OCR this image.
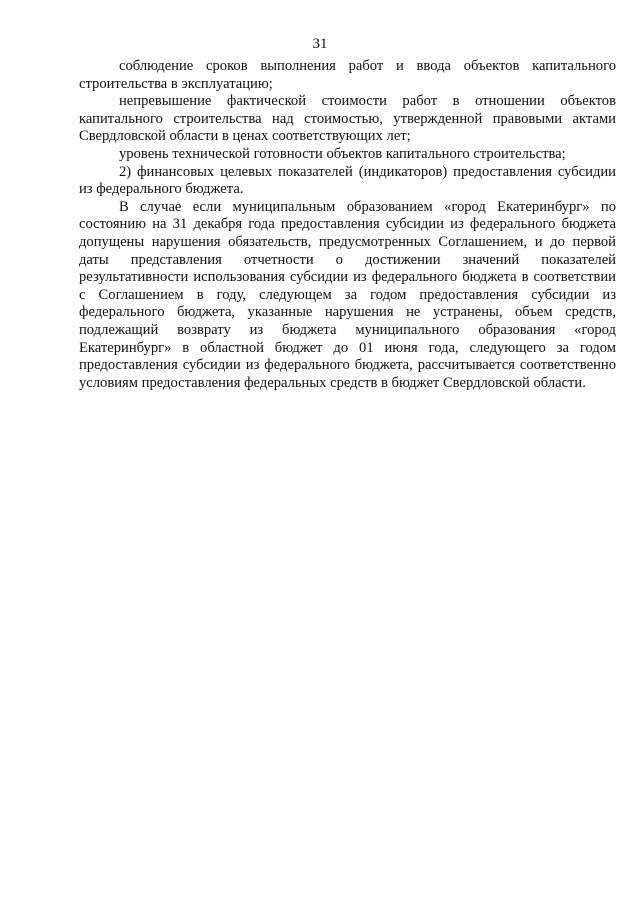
31

соблюдение сроков выполнения работ и ввода объектов капитального строительства в эксплуатацию;

непревышение фактической стоимости работ в отношении объектов капитального строительства над стоимостью, утвержденной правовыми актами Свердловской области в ценах соответствующих лет;

уровень технической готовности объектов капитального строительства;

2) финансовых целевых показателей (индикаторов) предоставления субсидии из федерального бюджета.

В случае если муниципальным образованием «город Екатеринбург» по состоянию на 31 декабря года предоставления субсидии из федерального бюджета допущены нарушения обязательств, предусмотренных Соглашением, и до первой даты представления отчетности о достижении значений показателей результативности использования субсидии из федерального бюджета в соответствии с Соглашением в году, следующем за годом предоставления субсидии из федерального бюджета, указанные нарушения не устранены, объем средств, подлежащий возврату из бюджета муниципального образования «город Екатеринбург» в областной бюджет до 01 июня года, следующего за годом предоставления субсидии из федерального бюджета, рассчитывается соответственно условиям предоставления федеральных средств в бюджет Свердловской области.
